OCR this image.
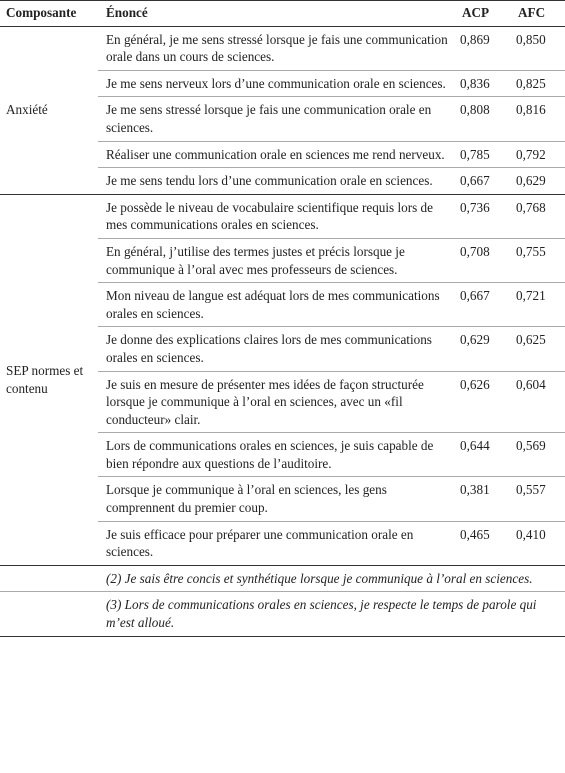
Composante	Énoncé	ACP	AFC
Anxiété	En général, je me sens stressé lorsque je fais une communication orale dans un cours de sciences.	0,869	0,850
	Je me sens nerveux lors d’une communication orale en sciences.	0,836	0,825
	Je me sens stressé lorsque je fais une communication orale en sciences.	0,808	0,816
	Réaliser une communication orale en sciences me rend nerveux.	0,785	0,792
	Je me sens tendu lors d’une communication orale en sciences.	0,667	0,629
SEP normes et contenu	Je possède le niveau de vocabulaire scientifique requis lors de mes communications orales en sciences.	0,736	0,768
	En général, j’utilise des termes justes et précis lorsque je communique à l’oral avec mes professeurs de sciences.	0,708	0,755
	Mon niveau de langue est adéquat lors de mes communications orales en sciences.	0,667	0,721
	Je donne des explications claires lors de mes communications orales en sciences.	0,629	0,625
	Je suis en mesure de présenter mes idées de façon structurée lorsque je communique à l’oral en sciences, avec un «fil conducteur» clair.	0,626	0,604
	Lors de communications orales en sciences, je suis capable de bien répondre aux questions de l’auditoire.	0,644	0,569
	Lorsque je communique à l’oral en sciences, les gens comprennent du premier coup.	0,381	0,557
	Je suis efficace pour préparer une communication orale en sciences.	0,465	0,410
(2) Je sais être concis et synthétique lorsque je communique à l’oral en sciences.			
(3) Lors de communications orales en sciences, je respecte le temps de parole qui m’est alloué.			
